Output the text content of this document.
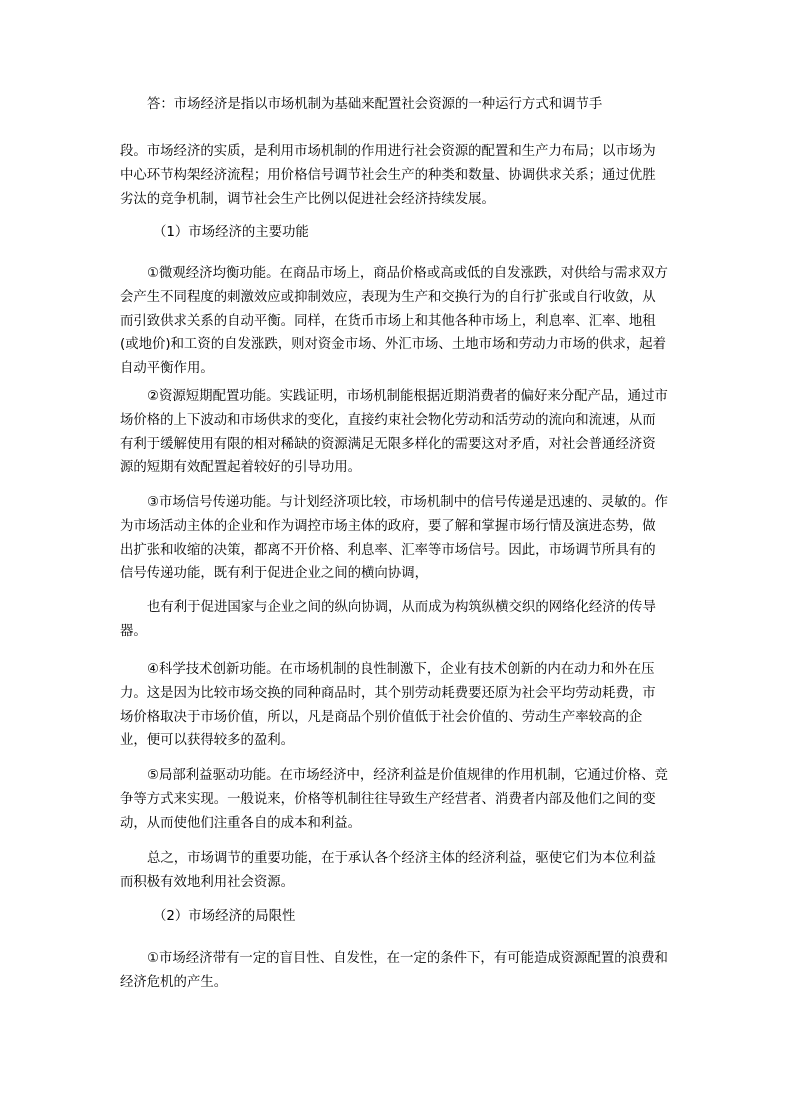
答：市场经济是指以市场机制为基础来配置社会资源的一种运行方式和调节手

段。市场经济的实质，是利用市场机制的作用进行社会资源的配置和生产力布局；以市场为中心环节构架经济流程；用价格信号调节社会生产的种类和数量、协调供求关系；通过优胜劣汰的竞争机制，调节社会生产比例以促进社会经济持续发展。

（1）市场经济的主要功能

①微观经济均衡功能。在商品市场上，商品价格或高或低的自发涨跌，对供给与需求双方会产生不同程度的刺激效应或抑制效应，表现为生产和交换行为的自行扩张或自行收敛，从而引致供求关系的自动平衡。同样，在货币市场上和其他各种市场上，利息率、汇率、地租(或地价)和工资的自发涨跌，则对资金市场、外汇市场、土地市场和劳动力市场的供求，起着自动平衡作用。

②资源短期配置功能。实践证明，市场机制能根据近期消费者的偏好来分配产品，通过市场价格的上下波动和市场供求的变化，直接约束社会物化劳动和活劳动的流向和流速，从而有利于缓解使用有限的相对稀缺的资源满足无限多样化的需要这对矛盾，对社会普通经济资源的短期有效配置起着较好的引导功用。

③市场信号传递功能。与计划经济项比较，市场机制中的信号传递是迅速的、灵敏的。作为市场活动主体的企业和作为调控市场主体的政府，要了解和掌握市场行情及演进态势，做出扩张和收缩的决策，都离不开价格、利息率、汇率等市场信号。因此，市场调节所具有的信号传递功能，既有利于促进企业之间的横向协调，

也有利于促进国家与企业之间的纵向协调，从而成为构筑纵横交织的网络化经济的传导器。

④科学技术创新功能。在市场机制的良性制激下，企业有技术创新的内在动力和外在压力。这是因为比较市场交换的同种商品时，其个别劳动耗费要还原为社会平均劳动耗费，市场价格取决于市场价值，所以，凡是商品个别价值低于社会价值的、劳动生产率较高的企业，便可以获得较多的盈利。

⑤局部利益驱动功能。在市场经济中，经济利益是价值规律的作用机制，它通过价格、竞争等方式来实现。一般说来，价格等机制往往导致生产经营者、消费者内部及他们之间的变动，从而使他们注重各自的成本和利益。

总之，市场调节的重要功能，在于承认各个经济主体的经济利益，驱使它们为本位利益而积极有效地利用社会资源。

（2）市场经济的局限性

①市场经济带有一定的盲目性、自发性，在一定的条件下，有可能造成资源配置的浪费和经济危机的产生。
